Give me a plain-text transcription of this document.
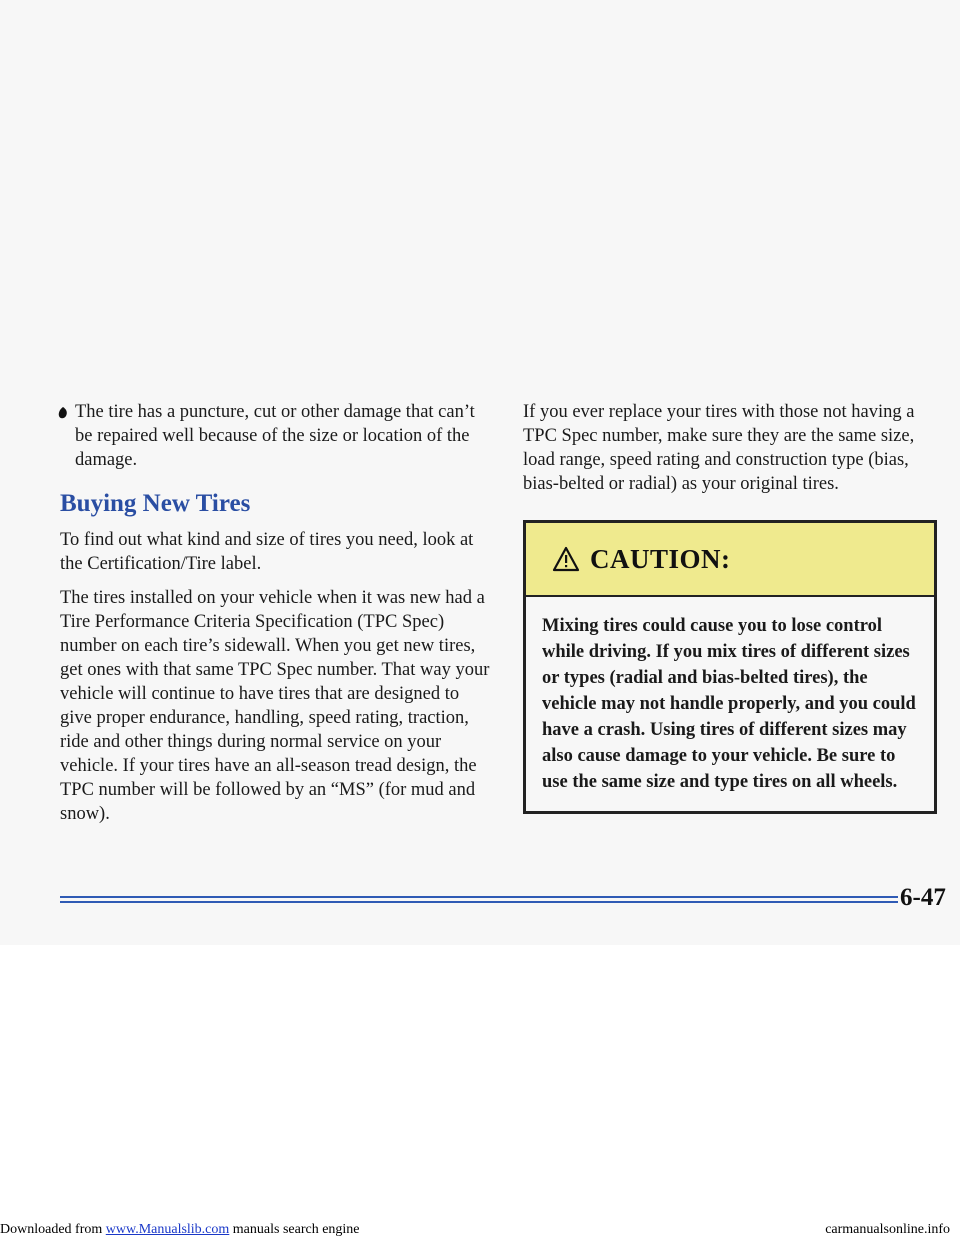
The tire has a puncture, cut or other damage that can’t be repaired well because of the size or location of the damage.
Buying New Tires

To find out what kind and size of tires you need, look at the Certification/Tire label.

The tires installed on your vehicle when it was new had a Tire Performance Criteria Specification (TPC Spec) number on each tire’s sidewall. When you get new tires, get ones with that same TPC Spec number. That way your vehicle will continue to have tires that are designed to give proper endurance, handling, speed rating, traction, ride and other things during normal service on your vehicle. If your tires have an all-season tread design, the TPC number will be followed by an “MS” (for mud and snow).

If you ever replace your tires with those not having a TPC Spec number, make sure they are the same size, load range, speed rating and construction type (bias, bias-belted or radial) as your original tires.

CAUTION:
Mixing tires could cause you to lose control while driving. If you mix tires of different sizes or types (radial and bias-belted tires), the vehicle may not handle properly, and you could have a crash. Using tires of different sizes may also cause damage to your vehicle. Be sure to use the same size and type tires on all wheels.
6-47
Downloaded from www.Manualslib.com manuals search engine	carmanualsonline.info
